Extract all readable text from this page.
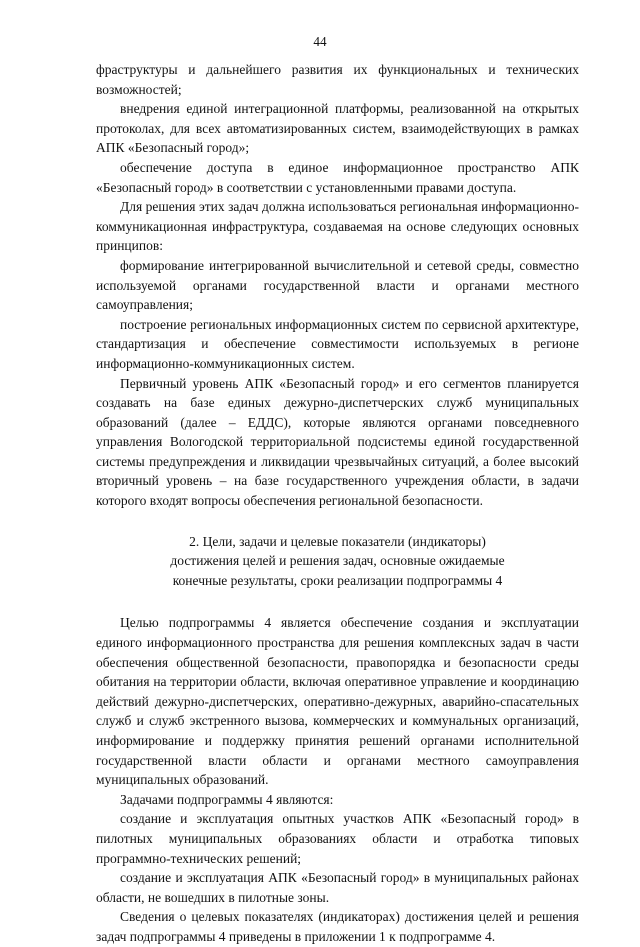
44

фраструктуры и дальнейшего развития их функциональных и технических возможностей;

внедрения единой интеграционной платформы, реализованной на открытых протоколах, для всех автоматизированных систем, взаимодействующих в рамках АПК «Безопасный город»;

обеспечение доступа в единое информационное пространство АПК «Безопасный город» в соответствии с установленными правами доступа.

Для решения этих задач должна использоваться региональная информационно-коммуникационная инфраструктура, создаваемая на основе следующих основных принципов:

формирование интегрированной вычислительной и сетевой среды, совместно используемой органами государственной власти и органами местного самоуправления;

построение региональных информационных систем по сервисной архитектуре, стандартизация и обеспечение совместимости используемых в регионе информационно-коммуникационных систем.

Первичный уровень АПК «Безопасный город» и его сегментов планируется создавать на базе единых дежурно-диспетчерских служб муниципальных образований (далее – ЕДДС), которые являются органами повседневного управления Вологодской территориальной подсистемы единой государственной системы предупреждения и ликвидации чрезвычайных ситуаций, а более высокий вторичный уровень – на базе государственного учреждения области, в задачи которого входят вопросы обеспечения региональной безопасности.

2. Цели, задачи и целевые показатели (индикаторы)
достижения целей и решения задач, основные ожидаемые
конечные результаты, сроки реализации подпрограммы 4

Целью подпрограммы 4 является обеспечение создания и эксплуатации единого информационного пространства для решения комплексных задач в части обеспечения общественной безопасности, правопорядка и безопасности среды обитания на территории области, включая оперативное управление и координацию действий дежурно-диспетчерских, оперативно-дежурных, аварийно-спасательных служб и служб экстренного вызова, коммерческих и коммунальных организаций, информирование и поддержку принятия решений органами исполнительной государственной власти области и органами местного самоуправления муниципальных образований.

Задачами подпрограммы 4 являются:

создание и эксплуатация опытных участков АПК «Безопасный город» в пилотных муниципальных образованиях области и отработка типовых программно-технических решений;

создание и эксплуатация АПК «Безопасный город» в муниципальных районах области, не вошедших в пилотные зоны.

Сведения о целевых показателях (индикаторах) достижения целей и решения задач подпрограммы 4 приведены в приложении 1 к подпрограмме 4.
